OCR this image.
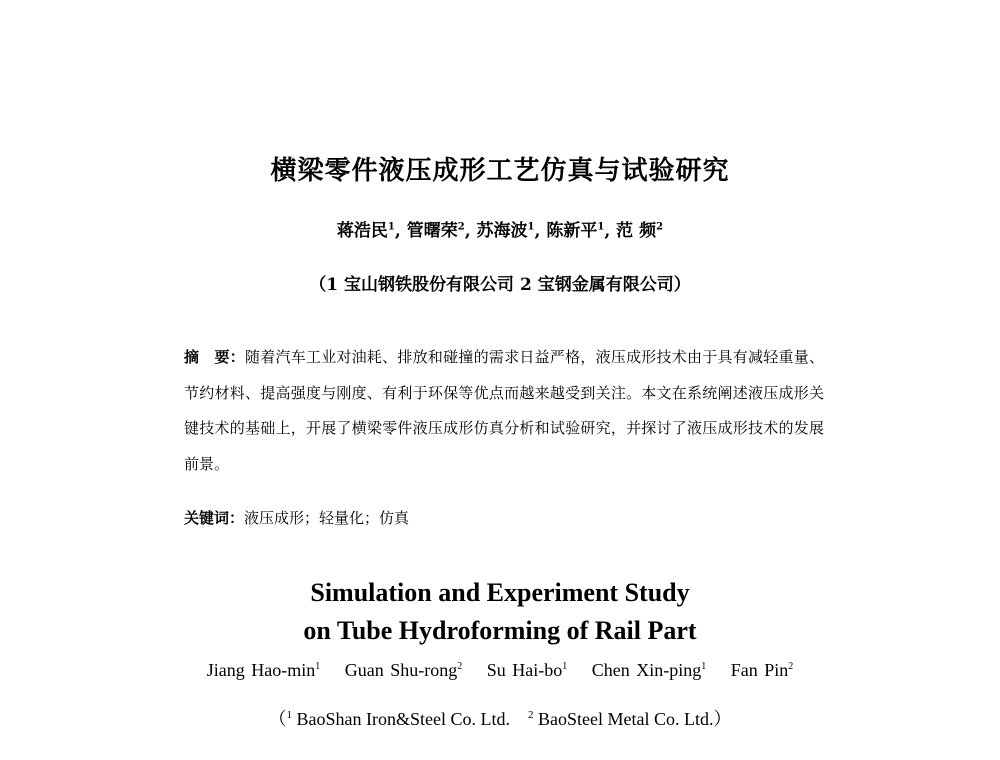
横梁零件液压成形工艺仿真与试验研究
蒋浩民$^1$, 管曙荣$^2$, 苏海波$^1$, 陈新平$^1$, 范 频$^2$
（1 宝山钢铁股份有限公司 2 宝钢金属有限公司）
摘　要：随着汽车工业对油耗、排放和碰撞的需求日益严格，液压成形技术由于具有减轻重量、节约材料、提高强度与刚度、有利于环保等优点而越来越受到关注。本文在系统阐述液压成形关键技术的基础上，开展了横梁零件液压成形仿真分析和试验研究，并探讨了液压成形技术的发展前景。
关键词：液压成形；轻量化；仿真
Simulation and Experiment Study
on Tube Hydroforming of Rail Part
Jiang Hao-$\min^1$ Guan Shu-rong$^2$ Su Hai-$bo^1$ Chen Xin-ping$^1$ Fan Pin$^2$
（$^1$ BaoShan Iron&Steel Co. Ltd. $^2$ BaoSteel Metal Co. Ltd.）
